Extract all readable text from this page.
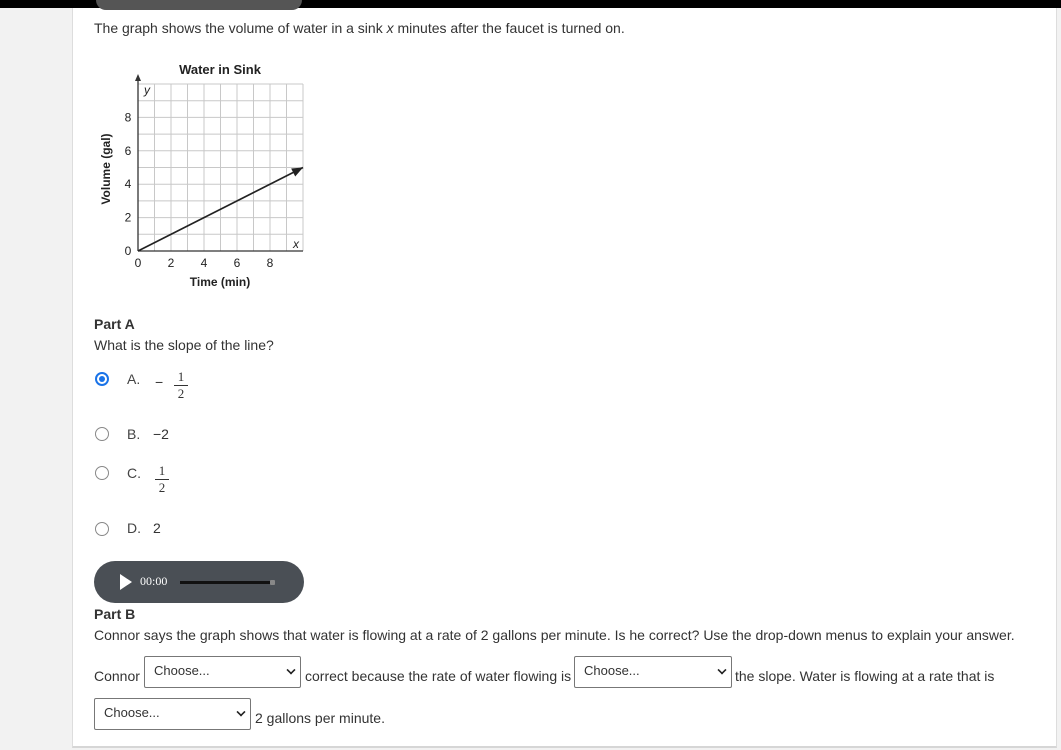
The graph shows the volume of water in a sink x minutes after the faucet is turned on.
Water in Sink
0 2 4 6 8
0
2
4
6
8
Time (min)
Volume (gal)
x
y
Part A
What is the slope of the line?
A. − 1
2
B. −2
C. 1
2
D. 2
00:00
Part B
Connor says the graph shows that water is flowing at a rate of 2 gallons per minute. Is he correct? Use the drop-down menus to explain your answer.
Connor	Choose...	correct because the rate of water flowing is Choose...	the slope. Water is flowing at a rate that is
Choose...	2 gallons per minute.
